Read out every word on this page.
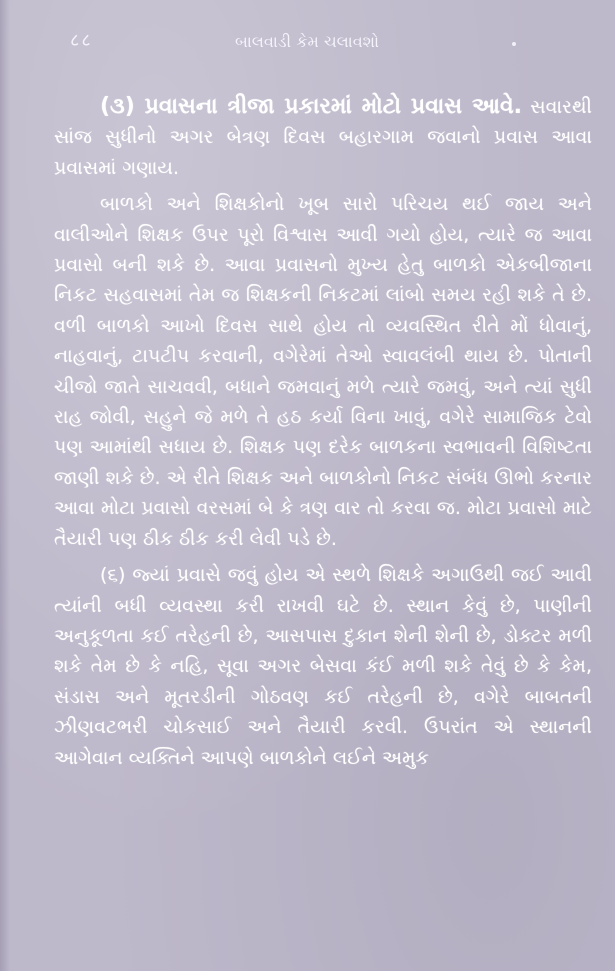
८८	બાલવાડી કેમ ચલાવશો

(૩) પ્રવાસના ત્રીજા પ્રકારમાં મોટો પ્રવાસ આવે. સવારથી સાંજ સુધીનો અગર બેત્રણ દિવસ બહારગામ જવાનો પ્રવાસ આવા પ્રવાસમાં ગણાય.

બાળકો અને શિક્ષકોનો ખૂબ સારો પરિચય થઈ જાય અને વાલીઓને શિક્ષક ઉપર પૂરો વિશ્વાસ આવી ગયો હોય, ત્યારે જ આવા પ્રવાસો બની શકે છે. આવા પ્રવાસનો મુખ્ય હેતુ બાળકો એકબીજાના નિકટ સહવાસમાં તેમ જ શિક્ષકની નિકટમાં લાંબો સમય રહી શકે તે છે. વળી બાળકો આખો દિવસ સાથે હોય તો વ્યવસ્થિત રીતે મોં ધોવાનું, નાહવાનું, ટાપટીપ કરવાની, વગેરેમાં તેઓ સ્વાવલંબી થાય છે. પોતાની ચીજો જાતે સાચવવી, બધાને જમવાનું મળે ત્યારે જમવું, અને ત્યાં સુધી રાહ જોવી, સહુને જે મળે તે હઠ કર્યા વિના ખાવું, વગેરે સામાજિક ટેવો પણ આમાંથી સધાય છે. શિક્ષક પણ દરેક બાળકના સ્વભાવની વિશિષ્ટતા જાણી શકે છે. એ રીતે શિક્ષક અને બાળકોનો નિકટ સંબંધ ઊભો કરનાર આવા મોટા પ્રવાસો વરસમાં બે કે ત્રણ વાર તો કરવા જ. મોટા પ્રવાસો માટે તૈયારી પણ ઠીક ઠીક કરી લેવી પડે છે.

(૬) જ્યાં પ્રવાસે જવું હોય એ સ્થળે શિક્ષકે અગાઉથી જઈ આવી ત્યાંની બધી વ્યવસ્થા કરી રાખવી ઘટે છે. સ્થાન કેવું છે, પાણીની અનુકૂળતા કઈ તરેહની છે, આસપાસ દુકાન શેની શેની છે, ડોક્ટર મળી શકે તેમ છે કે નહિ, સૂવા અગર બેસવા કંઈ મળી શકે તેવું છે કે કેમ, સંડાસ અને મૂતરડીની ગોઠવણ કઈ તરેહની છે, વગેરે બાબતની ઝીણવટભરી ચોકસાઈ અને તૈયારી કરવી. ઉપરાંત એ સ્થાનની આગેવાન વ્યક્તિને આપણે બાળકોને લઈને અમુક
